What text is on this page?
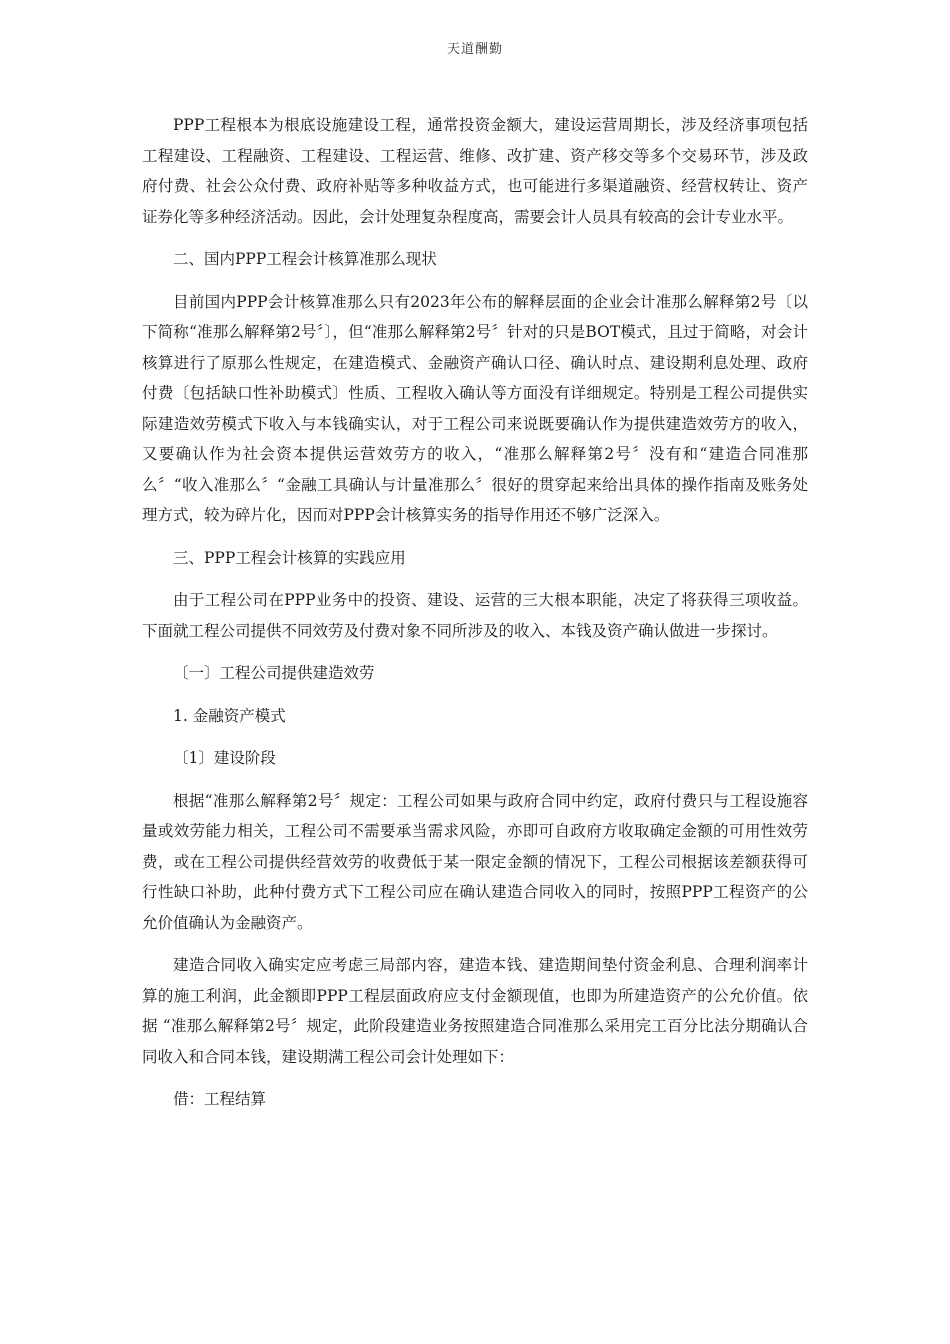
天道酬勤

PPP工程根本为根底设施建设工程，通常投资金额大，建设运营周期长，涉及经济事项包括工程建设、工程融资、工程建设、工程运营、维修、改扩建、资产移交等多个交易环节，涉及政府付费、社会公众付费、政府补贴等多种收益方式，也可能进行多渠道融资、经营权转让、资产证券化等多种经济活动。因此，会计处理复杂程度高，需要会计人员具有较高的会计专业水平。

二、国内PPP工程会计核算准那么现状

目前国内PPP会计核算准那么只有2023年公布的解释层面的企业会计准那么解释第2号〔以下简称“准那么解释第2号〞〕，但“准那么解释第2号〞针对的只是BOT模式，且过于简略，对会计核算进行了原那么性规定，在建造模式、金融资产确认口径、确认时点、建设期利息处理、政府付费〔包括缺口性补助模式〕性质、工程收入确认等方面没有详细规定。特别是工程公司提供实际建造效劳模式下收入与本钱确实认，对于工程公司来说既要确认作为提供建造效劳方的收入，又要确认作为社会资本提供运营效劳方的收入，“准那么解释第2号〞没有和“建造合同准那么〞“收入准那么〞“金融工具确认与计量准那么〞很好的贯穿起来给出具体的操作指南及账务处理方式，较为碎片化，因而对PPP会计核算实务的指导作用还不够广泛深入。

三、PPP工程会计核算的实践应用

由于工程公司在PPP业务中的投资、建设、运营的三大根本职能，决定了将获得三项收益。下面就工程公司提供不同效劳及付费对象不同所涉及的收入、本钱及资产确认做进一步探讨。

〔一〕工程公司提供建造效劳

1. 金融资产模式

〔1〕建设阶段

根据“准那么解释第2号〞规定：工程公司如果与政府合同中约定，政府付费只与工程设施容量或效劳能力相关，工程公司不需要承当需求风险，亦即可自政府方收取确定金额的可用性效劳费，或在工程公司提供经营效劳的收费低于某一限定金额的情况下，工程公司根据该差额获得可行性缺口补助，此种付费方式下工程公司应在确认建造合同收入的同时，按照PPP工程资产的公允价值确认为金融资产。

建造合同收入确实定应考虑三局部内容，建造本钱、建造期间垫付资金利息、合理利润率计算的施工利润，此金额即PPP工程层面政府应支付金额现值，也即为所建造资产的公允价值。依据 “准那么解释第2号〞规定，此阶段建造业务按照建造合同准那么采用完工百分比法分期确认合同收入和合同本钱，建设期满工程公司会计处理如下：

借：工程结算
